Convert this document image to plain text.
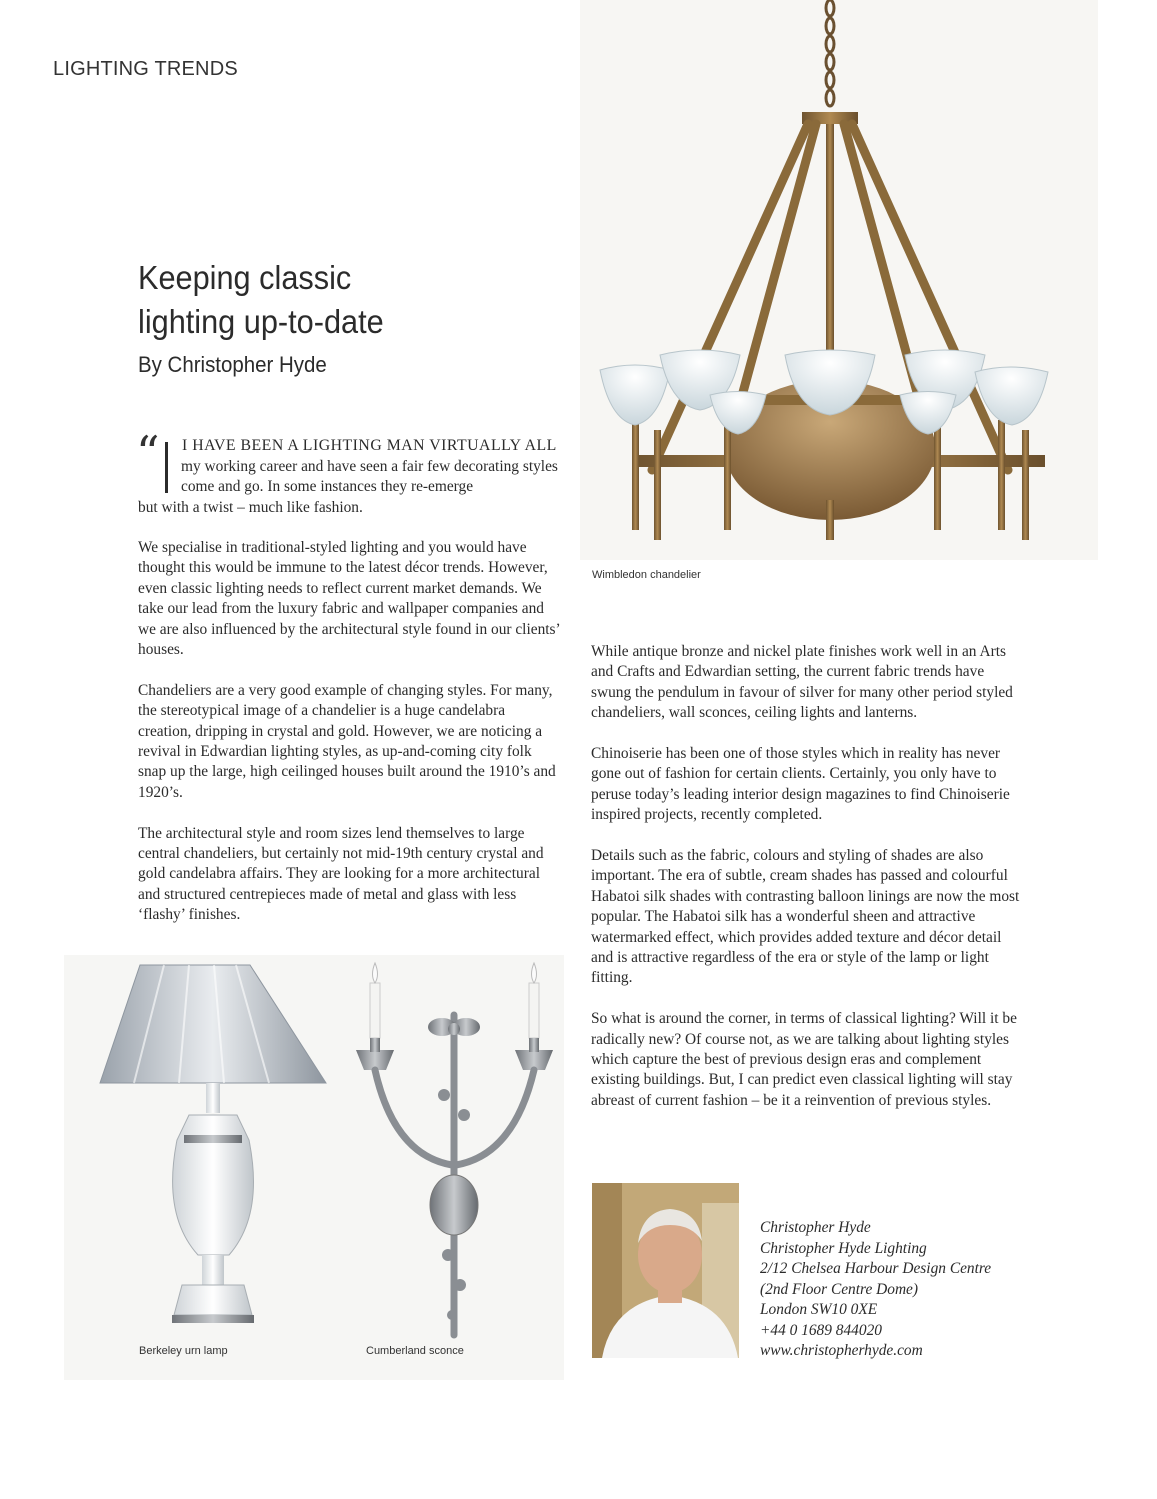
LIGHTING TRENDS
Keeping classic
lighting up-to-date
By Christopher Hyde
“ I HAVE BEEN A LIGHTING MAN VIRTUALLY ALL
my working career and have seen a fair few decorating styles come and go. In some instances they re-emerge
but with a twist – much like fashion.

We specialise in traditional-styled lighting and you would have thought this would be immune to the latest décor trends. However, even classic lighting needs to reflect current market demands. We take our lead from the luxury fabric and wallpaper companies and we are also influenced by the architectural style found in our clients’ houses.

Chandeliers are a very good example of changing styles. For many, the stereotypical image of a chandelier is a huge candelabra creation, dripping in crystal and gold. However, we are noticing a revival in Edwardian lighting styles, as up-and-coming city folk snap up the large, high ceilinged houses built around the 1910’s and 1920’s.

The architectural style and room sizes lend themselves to large central chandeliers, but certainly not mid-19th century crystal and gold candelabra affairs. They are looking for a more architectural and structured centrepieces made of metal and glass with less ‘flashy’ finishes.

While antique bronze and nickel plate finishes work well in an Arts and Crafts and Edwardian setting, the current fabric trends have swung the pendulum in favour of silver for many other period styled chandeliers, wall sconces, ceiling lights and lanterns.

Chinoiserie has been one of those styles which in reality has never gone out of fashion for certain clients. Certainly, you only have to peruse today’s leading interior design magazines to find Chinoiserie inspired projects, recently completed.

Details such as the fabric, colours and styling of shades are also important. The era of subtle, cream shades has passed and colourful Habatoi silk shades with contrasting balloon linings are now the most popular. The Habatoi silk has a wonderful sheen and attractive watermarked effect, which provides added texture and décor detail and is attractive regardless of the era or style of the lamp or light fitting.

So what is around the corner, in terms of classical lighting? Will it be radically new? Of course not, as we are talking about lighting styles which capture the best of previous design eras and complement existing buildings. But, I can predict even classical lighting will stay abreast of current fashion – be it a reinvention of previous styles.

Wimbledon chandelier
Berkeley urn lamp	Cumberland sconce
Christopher Hyde
Christopher Hyde Lighting
2/12 Chelsea Harbour Design Centre
(2nd Floor Centre Dome)
London SW10 0XE
+44 0 1689 844020
www.christopherhyde.com
